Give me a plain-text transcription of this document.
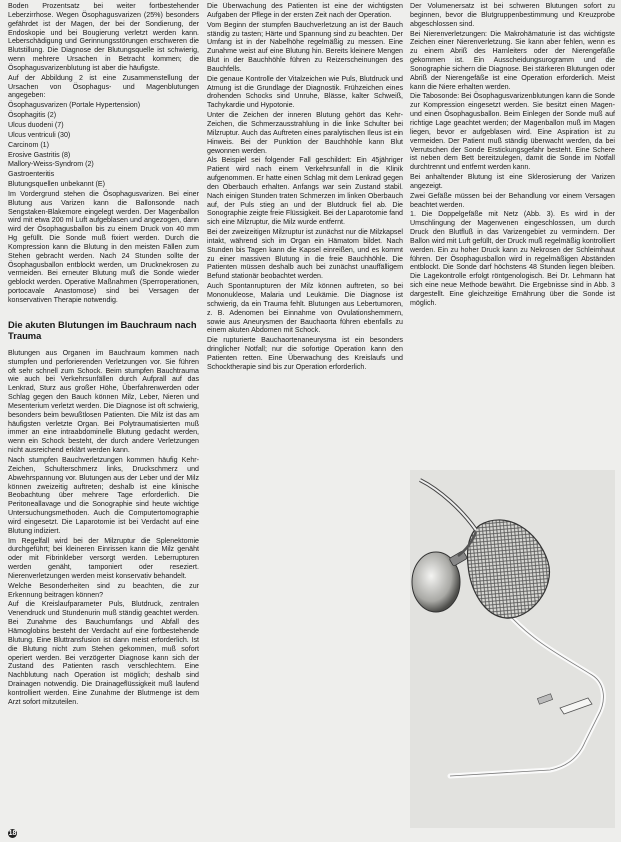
Boden Prozentsatz bei weiter fortbestehender Leberzirrhose. Wegen Ösophagusvarizen (25%) besonders gefährdet ist der Magen, der bei der Sondierung, der Endoskopie und bei Bougierung verletzt werden kann. Leberschädigung und Gerinnungsstörungen erschweren die Blutstillung. Die Diagnose der Blutungsquelle ist schwierig, wenn mehrere Ursachen in Betracht kommen; die Ösophagusvarizenblutung ist aber die häufigste.

Auf der Abbildung 2 ist eine Zusammenstellung der Ursachen von Ösophagus- und Magenblutungen angegeben:

Ösophagusvarizen (Portale Hypertension)

Ösophagitis (2)

Ulcus duodeni (7)

Ulcus ventriculi (30)

Carcinom (1)

Erosive Gastritis (8)

Mallory-Weiss-Syndrom (2)

Gastroenteritis

Blutungsquellen unbekannt (E)

Im Vordergrund stehen die Ösophagusvarizen. Bei einer Blutung aus Varizen kann die Ballonsonde nach Sengstaken-Blakemore eingelegt werden. Der Magenballon wird mit etwa 200 ml Luft aufgeblasen und angezogen, dann wird der Ösophagusballon bis zu einem Druck von 40 mm Hg gefüllt. Die Sonde muß fixiert werden. Durch die Kompression kann die Blutung in den meisten Fällen zum Stehen gebracht werden. Nach 24 Stunden sollte der Ösophagusballon entblockt werden, um Drucknekrosen zu vermeiden. Bei erneuter Blutung muß die Sonde wieder geblockt werden. Operative Maßnahmen (Sperroperationen, portocavale Anastomose) sind bei Versagen der konservativen Therapie notwendig.

Die akuten Blutungen im Bauchraum nach Trauma

Blutungen aus Organen im Bauchraum kommen nach stumpfen und perforierenden Verletzungen vor. Sie führen oft sehr schnell zum Schock. Beim stumpfen Bauchtrauma wie auch bei Verkehrsunfällen durch Aufprall auf das Lenkrad, Sturz aus großer Höhe, Überfahrenwerden oder Schlag gegen den Bauch können Milz, Leber, Nieren und Mesenterium verletzt werden. Die Diagnose ist oft schwierig, besonders beim bewußtlosen Patienten. Die Milz ist das am häufigsten verletzte Organ. Bei Polytraumatisierten muß immer an eine intraabdominelle Blutung gedacht werden, wenn ein Schock besteht, der durch andere Verletzungen nicht ausreichend erklärt werden kann.

Nach stumpfen Bauchverletzungen kommen häufig Kehr-Zeichen, Schulterschmerz links, Druckschmerz und Abwehrspannung vor. Blutungen aus der Leber und der Milz können zweizeitig auftreten; deshalb ist eine klinische Beobachtung über mehrere Tage erforderlich. Die Peritoneallavage und die Sonographie sind heute wichtige Untersuchungsmethoden. Auch die Computertomographie wird eingesetzt. Die Laparotomie ist bei Verdacht auf eine Blutung indiziert.

Im Regelfall wird bei der Milzruptur die Splenektomie durchgeführt; bei kleineren Einrissen kann die Milz genäht oder mit Fibrinkleber versorgt werden. Leberrupturen werden genäht, tamponiert oder reseziert. Nierenverletzungen werden meist konservativ behandelt.

Welche Besonderheiten sind zu beachten, die zur Erkennung beitragen können?

Auf die Kreislaufparameter Puls, Blutdruck, zentralen Venendruck und Stundenurin muß ständig geachtet werden. Bei Zunahme des Bauchumfangs und Abfall des Hämoglobins besteht der Verdacht auf eine fortbestehende Blutung. Eine Bluttransfusion ist dann meist erforderlich. Ist die Blutung nicht zum Stehen gekommen, muß sofort operiert werden. Bei verzögerter Diagnose kann sich der Zustand des Patienten rasch verschlechtern. Eine Nachblutung nach Operation ist möglich; deshalb sind Drainagen notwendig. Die Drainageflüssigkeit muß laufend kontrolliert werden. Eine Zunahme der Blutmenge ist dem Arzt sofort mitzuteilen.

Die Überwachung des Patienten ist eine der wichtigsten Aufgaben der Pflege in der ersten Zeit nach der Operation.

Vom Beginn der stumpfen Bauchverletzung an ist der Bauch ständig zu tasten; Härte und Spannung sind zu beachten. Der Umfang ist in der Nabelhöhe regelmäßig zu messen. Eine Zunahme weist auf eine Blutung hin. Bereits kleinere Mengen Blut in der Bauchhöhle führen zu Reizerscheinungen des Bauchfells.

Die genaue Kontrolle der Vitalzeichen wie Puls, Blutdruck und Atmung ist die Grundlage der Diagnostik. Frühzeichen eines drohenden Schocks sind Unruhe, Blässe, kalter Schweiß, Tachykardie und Hypotonie.

Unter die Zeichen der inneren Blutung gehört das Kehr-Zeichen, die Schmerzausstrahlung in die linke Schulter bei Milzruptur. Auch das Auftreten eines paralytischen Ileus ist ein Hinweis. Bei der Punktion der Bauchhöhle kann Blut gewonnen werden.

Als Beispiel sei folgender Fall geschildert: Ein 45jähriger Patient wird nach einem Verkehrsunfall in die Klinik aufgenommen. Er hatte einen Schlag mit dem Lenkrad gegen den Oberbauch erhalten. Anfangs war sein Zustand stabil. Nach einigen Stunden traten Schmerzen im linken Oberbauch auf, der Puls stieg an und der Blutdruck fiel ab. Die Sonographie zeigte freie Flüssigkeit. Bei der Laparotomie fand sich eine Milzruptur, die Milz wurde entfernt.

Bei der zweizeitigen Milzruptur ist zunächst nur die Milzkapsel intakt, während sich im Organ ein Hämatom bildet. Nach Stunden bis Tagen kann die Kapsel einreißen, und es kommt zu einer massiven Blutung in die freie Bauchhöhle. Die Patienten müssen deshalb auch bei zunächst unauffälligem Befund stationär beobachtet werden.

Auch Spontanrupturen der Milz können auftreten, so bei Mononukleose, Malaria und Leukämie. Die Diagnose ist schwierig, da ein Trauma fehlt. Blutungen aus Lebertumoren, z. B. Adenomen bei Einnahme von Ovulationshemmern, sowie aus Aneurysmen der Bauchaorta führen ebenfalls zu einem akuten Abdomen mit Schock.

Die rupturierte Bauchaortenaneurysma ist ein besonders dringlicher Notfall; nur die sofortige Operation kann den Patienten retten. Eine Überwachung des Kreislaufs und Schocktherapie sind bis zur Operation erforderlich.

Der Volumenersatz ist bei schweren Blutungen sofort zu beginnen, bevor die Blutgruppenbestimmung und Kreuzprobe abgeschlossen sind.

Bei Nierenverletzungen: Die Makrohämaturie ist das wichtigste Zeichen einer Nierenverletzung. Sie kann aber fehlen, wenn es zu einem Abriß des Harnleiters oder der Nierengefäße gekommen ist. Ein Ausscheidungsurogramm und die Sonographie sichern die Diagnose. Bei stärkeren Blutungen oder Abriß der Nierengefäße ist eine Operation erforderlich. Meist kann die Niere erhalten werden.

Die Tabosonde: Bei Ösophagusvarizenblutungen kann die Sonde zur Kompression eingesetzt werden. Sie besitzt einen Magen- und einen Ösophagusballon. Beim Einlegen der Sonde muß auf richtige Lage geachtet werden; der Magenballon muß im Magen liegen, bevor er aufgeblasen wird. Eine Aspiration ist zu vermeiden. Der Patient muß ständig überwacht werden, da bei Verrutschen der Sonde Erstickungsgefahr besteht. Eine Schere ist neben dem Bett bereitzulegen, damit die Sonde im Notfall durchtrennt und entfernt werden kann.

Bei anhaltender Blutung ist eine Sklerosierung der Varizen angezeigt.

Zwei Gefäße müssen bei der Behandlung vor einem Versagen beachtet werden.

1. Die Doppelgefäße mit Netz (Abb. 3). Es wird in der Umschlingung der Magenvenen eingeschlossen, um durch Druck den Blutfluß in das Varizengebiet zu vermindern. Der Ballon wird mit Luft gefüllt, der Druck muß regelmäßig kontrolliert werden. Ein zu hoher Druck kann zu Nekrosen der Schleimhaut führen. Der Ösophagusballon wird in regelmäßigen Abständen entblockt. Die Sonde darf höchstens 48 Stunden liegen bleiben. Die Lagekontrolle erfolgt röntgenologisch. Bei Dr. Lehmann hat sich eine neue Methode bewährt. Die Ergebnisse sind in Abb. 3 dargestellt. Eine gleichzeitige Ernährung über die Sonde ist möglich.

18
